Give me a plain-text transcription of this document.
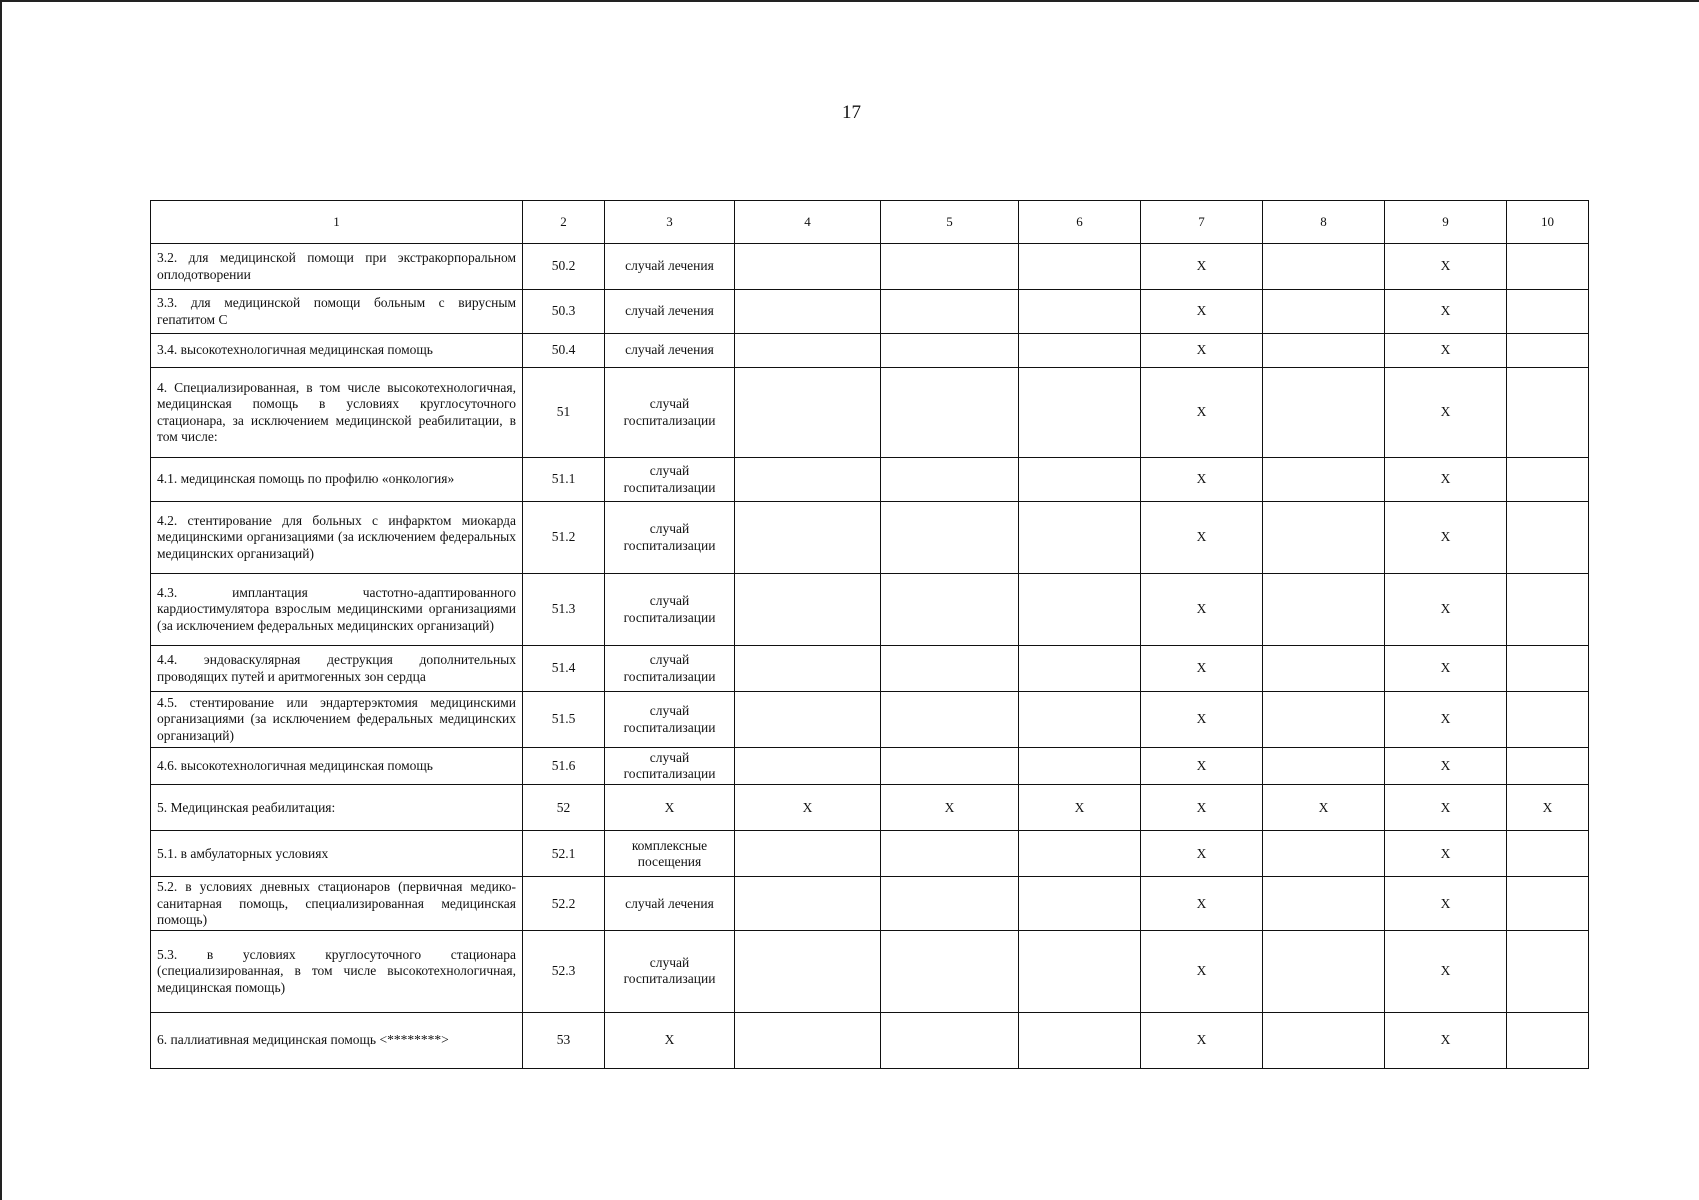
17
1	2	3	4	5	6	7	8	9	10	
3.2. для медицинской помощи при экстракорпоральном оплодотворении	50.2	случай лечения				X		X		
3.3. для медицинской помощи больным с вирусным гепатитом С	50.3	случай лечения				X		X		
3.4. высокотехнологичная медицинская помощь	50.4	случай лечения				X		X		
4. Специализированная, в том числе высокотехнологичная, медицинская помощь в условиях круглосуточного стационара, за исключением медицинской реабилитации, в том числе:	51	случай госпитализации				X		X		
4.1. медицинская помощь по профилю «онкология»	51.1	случай госпитализации				X		X		
4.2. стентирование для больных с инфарктом миокарда медицинскими организациями (за исключением федеральных медицинских организаций)	51.2	случай госпитализации				X		X		
4.3. имплантация частотно-адаптированного кардиостимулятора взрослым медицинскими организациями (за исключением федеральных медицинских организаций)	51.3	случай госпитализации				X		X		
4.4. эндоваскулярная деструкция дополнительных проводящих путей и аритмогенных зон сердца	51.4	случай госпитализации				X		X		
4.5. стентирование или эндартерэктомия медицинскими организациями (за исключением федеральных медицинских организаций)	51.5	случай госпитализации				X		X		
4.6. высокотехнологичная медицинская помощь	51.6	случай госпитализации				X		X		
5. Медицинская реабилитация:	52	X	X	X	X	X	X	X	X	
5.1. в амбулаторных условиях	52.1	комплексные посещения				X		X		
5.2. в условиях дневных стационаров (первичная медико-санитарная помощь, специализированная медицинская помощь)	52.2	случай лечения				X		X		
5.3. в условиях круглосуточного стационара (специализированная, в том числе высокотехнологичная, медицинская помощь)	52.3	случай госпитализации				X		X		
6. паллиативная медицинская помощь <********>	53	X				X		X		
